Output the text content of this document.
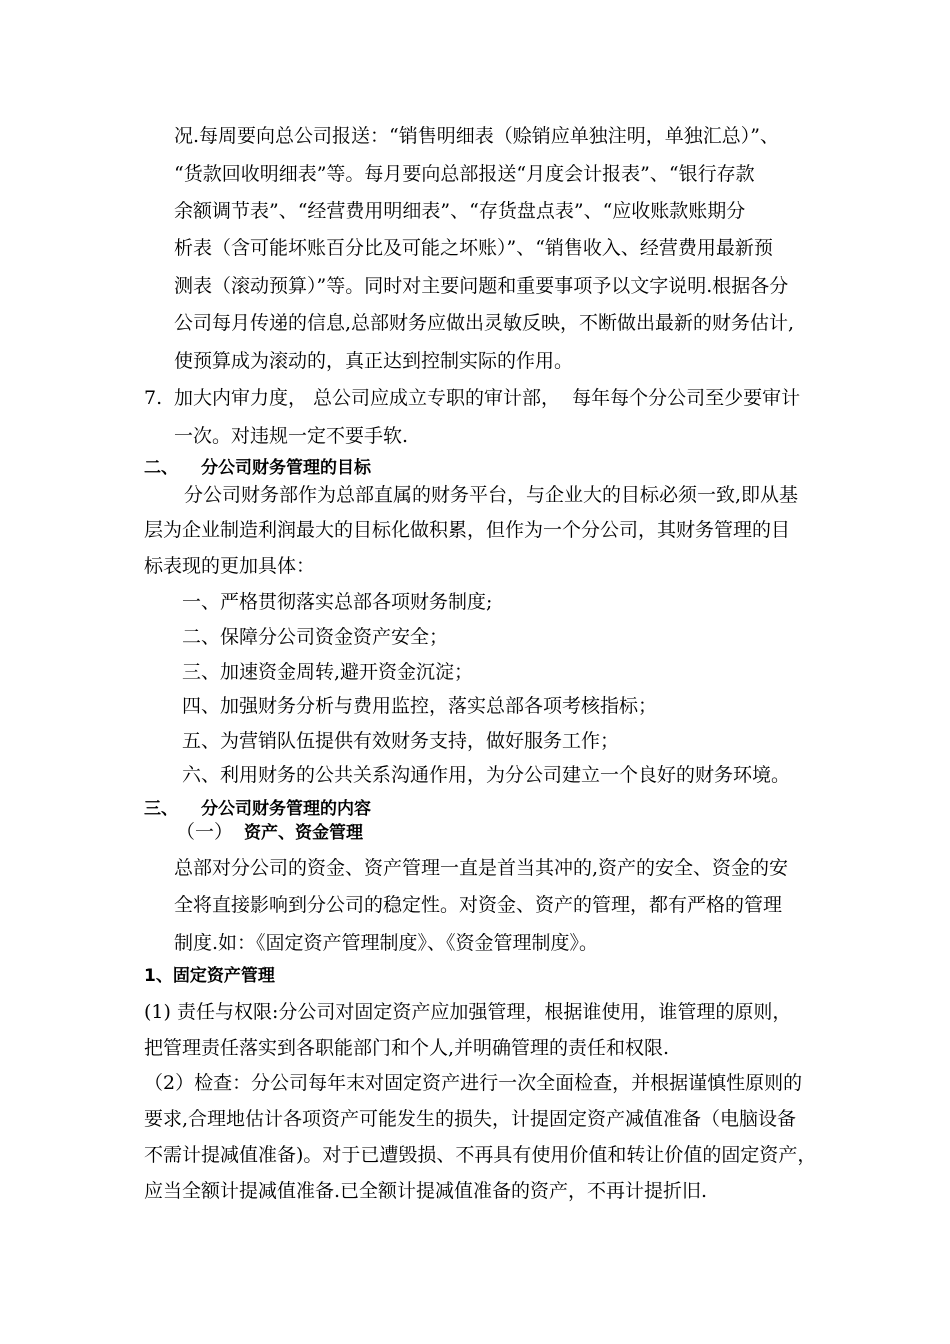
况.每周要向总公司报送：“销售明细表（赊销应单独注明，单独汇总）”、
“货款回收明细表”等。每月要向总部报送“月度会计报表”、“银行存款
余额调节表”、“经营费用明细表”、“存货盘点表”、“应收账款账期分
析表（含可能坏账百分比及可能之坏账）”、“销售收入、经营费用最新预
测表（滚动预算）”等。同时对主要问题和重要事项予以文字说明.根据各分
公司每月传递的信息,总部财务应做出灵敏反映，不断做出最新的财务估计,
使预算成为滚动的，真正达到控制实际的作用。
7. 加大内审力度， 总公司应成立专职的审计部，  每年每个分公司至少要审计
一次。对违规一定不要手软.
二、 分公司财务管理的目标
分公司财务部作为总部直属的财务平台，与企业大的目标必须一致,即从基
层为企业制造利润最大的目标化做积累，但作为一个分公司，其财务管理的目
标表现的更加具体：
一、严格贯彻落实总部各项财务制度;
二、保障分公司资金资产安全；
三、加速资金周转,避开资金沉淀；
四、加强财务分析与费用监控，落实总部各项考核指标；
五、为营销队伍提供有效财务支持，做好服务工作；
六、利用财务的公共关系沟通作用，为分公司建立一个良好的财务环境。
三、 分公司财务管理的内容
（一） 资产、资金管理
总部对分公司的资金、资产管理一直是首当其冲的,资产的安全、资金的安
全将直接影响到分公司的稳定性。对资金、资产的管理，都有严格的管理
制度.如：《固定资产管理制度》、《资金管理制度》。
1、固定资产管理
(1) 责任与权限:分公司对固定资产应加强管理，根据谁使用，谁管理的原则，
把管理责任落实到各职能部门和个人,并明确管理的责任和权限.
（2）检查：分公司每年末对固定资产进行一次全面检查，并根据谨慎性原则的
要求,合理地估计各项资产可能发生的损失，计提固定资产减值准备（电脑设备
不需计提减值准备)。对于已遭毁损、不再具有使用价值和转让价值的固定资产，
应当全额计提减值准备.已全额计提减值准备的资产，不再计提折旧.
